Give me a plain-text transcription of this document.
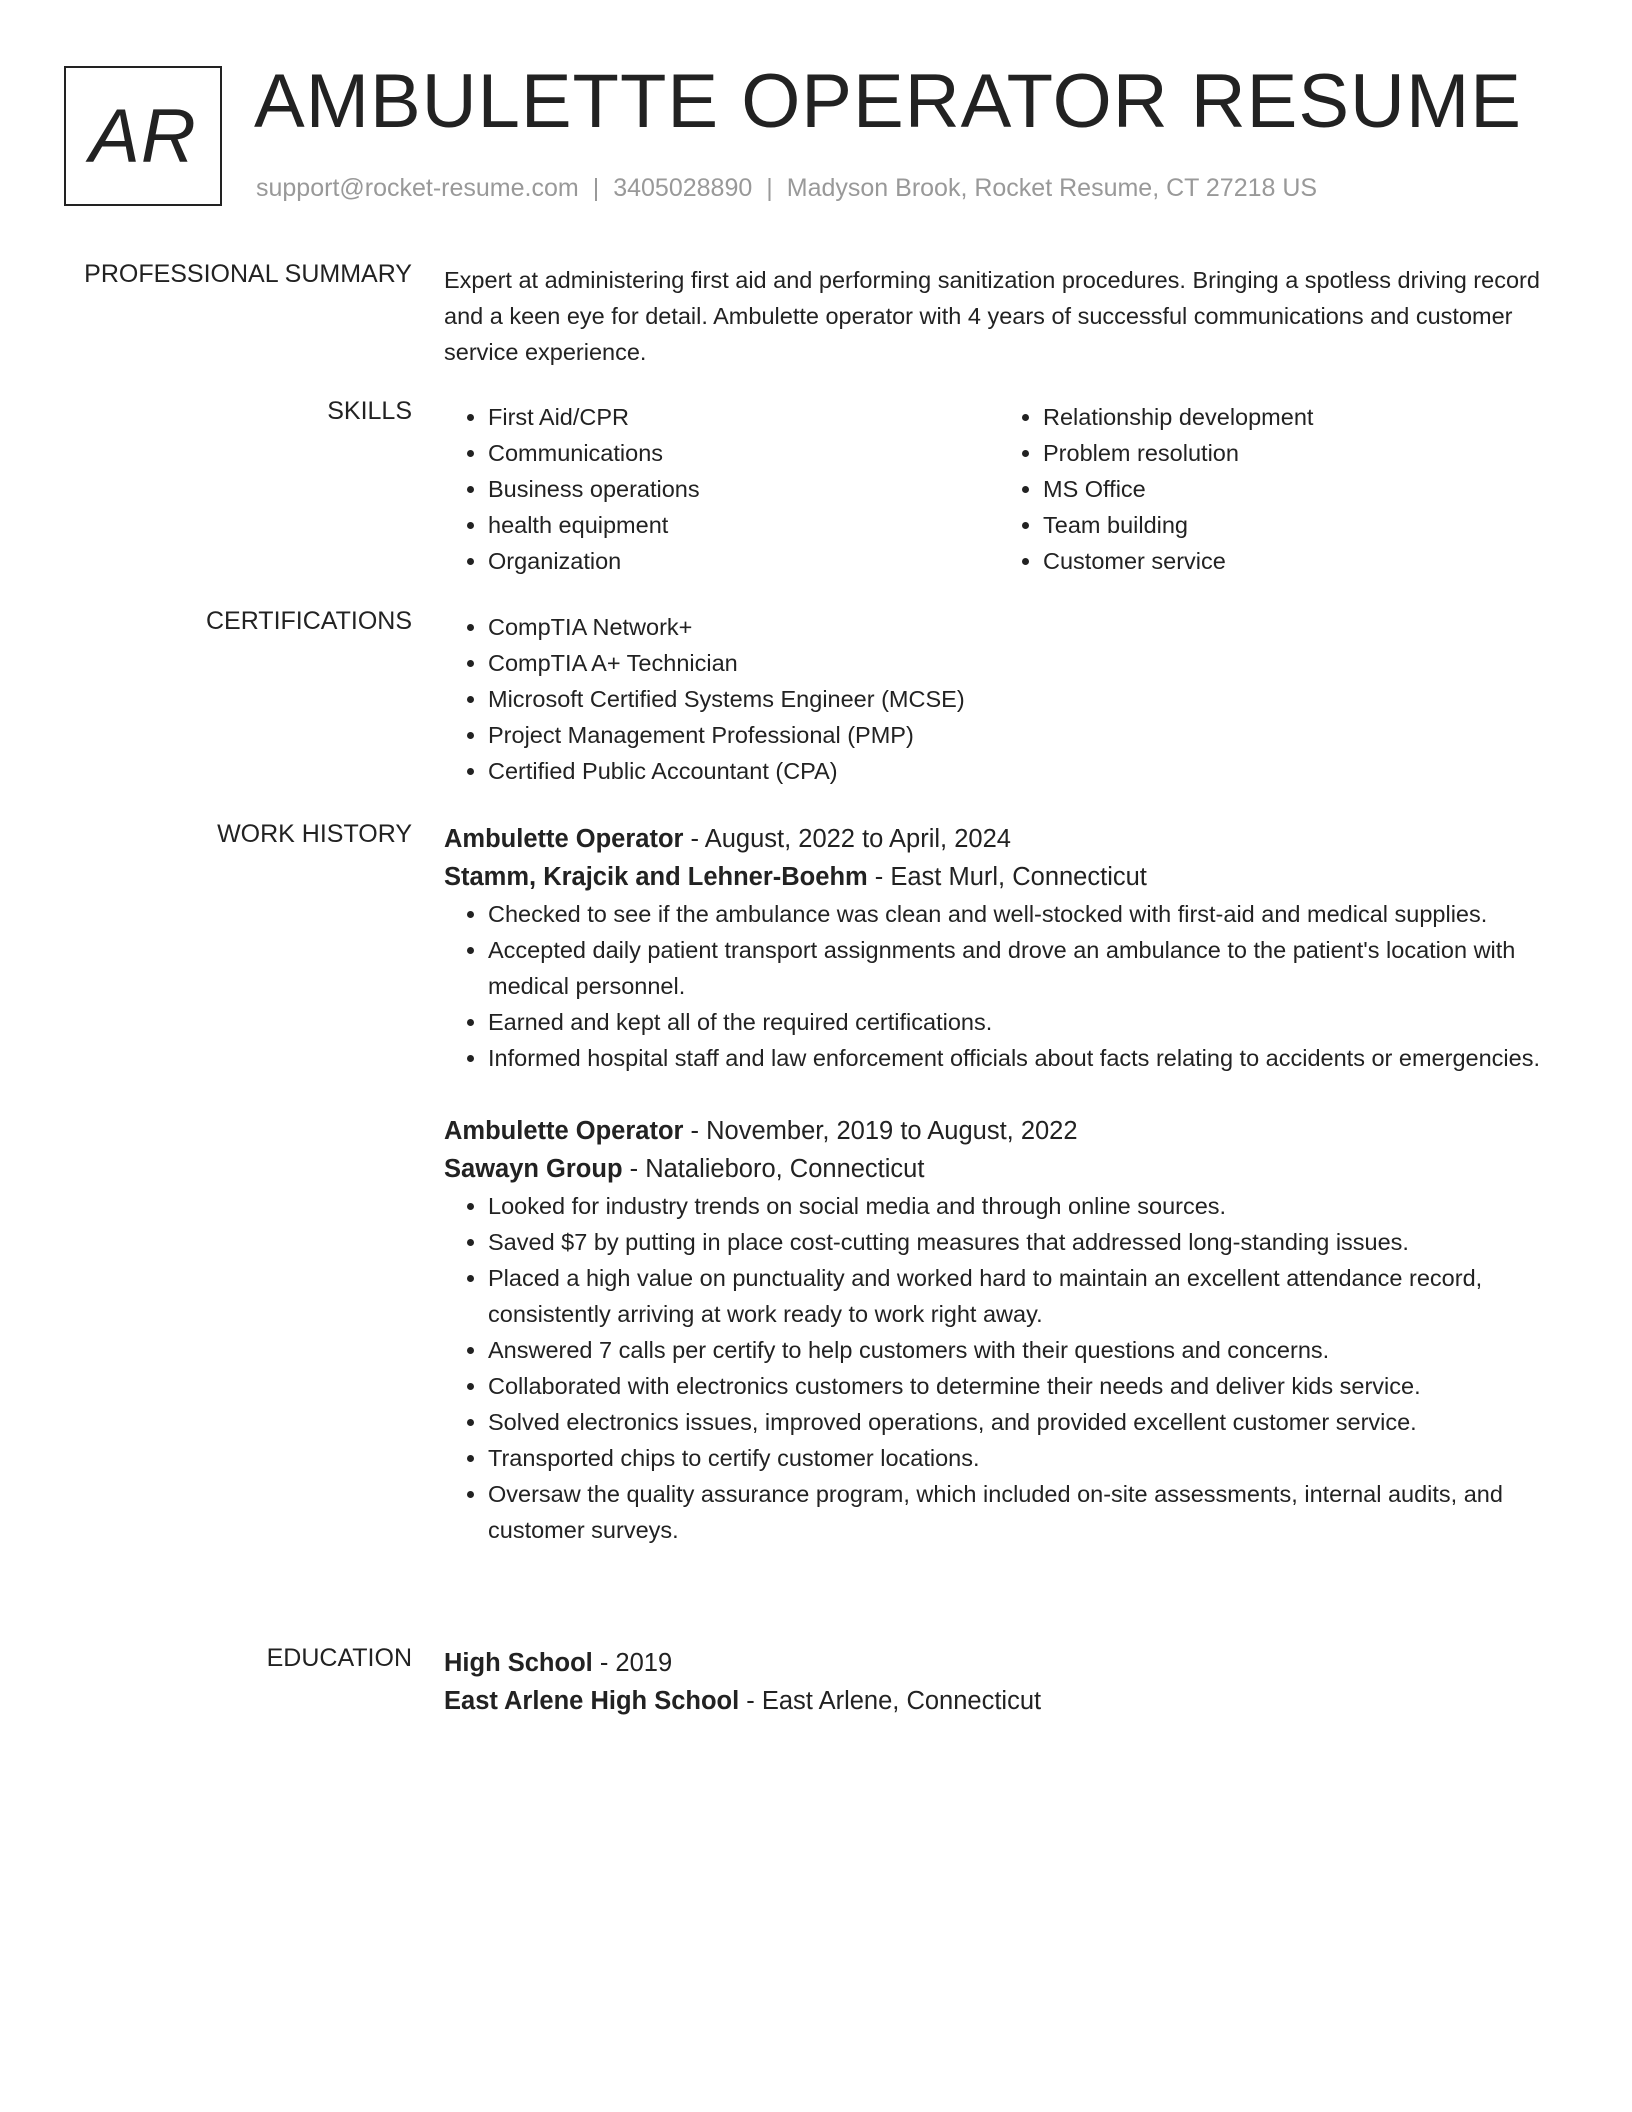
AR AMBULETTE OPERATOR RESUME
support@rocket-resume.com | 3405028890 | Madyson Brook, Rocket Resume, CT 27218 US
PROFESSIONAL SUMMARY Expert at administering first aid and performing sanitization procedures. Bringing a spotless driving record and a keen eye for detail. Ambulette operator with 4 years of successful communications and customer service experience.

SKILLS	• First Aid/CPR
• Communications
• Business operations
• health equipment
• Organization
• Relationship development
• Problem resolution
• MS Office
• Team building
• Customer service
CERTIFICATIONS	• CompTIA Network+
• CompTIA A+ Technician
• Microsoft Certified Systems Engineer (MCSE)
• Project Management Professional (PMP)
• Certified Public Accountant (CPA)
WORK HISTORY Ambulette Operator - August, 2022 to April, 2024
Stamm, Krajcik and Lehner-Boehm - East Murl, Connecticut
• Checked to see if the ambulance was clean and well-stocked with first-aid and medical supplies.
• Accepted daily patient transport assignments and drove an ambulance to the patient's location with medical personnel.
• Earned and kept all of the required certifications.
• Informed hospital staff and law enforcement officials about facts relating to accidents or emergencies.
Ambulette Operator - November, 2019 to August, 2022
Sawayn Group - Natalieboro, Connecticut
• Looked for industry trends on social media and through online sources.
• Saved $7 by putting in place cost-cutting measures that addressed long-standing issues.
• Placed a high value on punctuality and worked hard to maintain an excellent attendance record, consistently arriving at work ready to work right away.
• Answered 7 calls per certify to help customers with their questions and concerns.
• Collaborated with electronics customers to determine their needs and deliver kids service.
• Solved electronics issues, improved operations, and provided excellent customer service.
• Transported chips to certify customer locations.
• Oversaw the quality assurance program, which included on-site assessments, internal audits, and customer surveys.
EDUCATION High School - 2019
East Arlene High School - East Arlene, Connecticut
